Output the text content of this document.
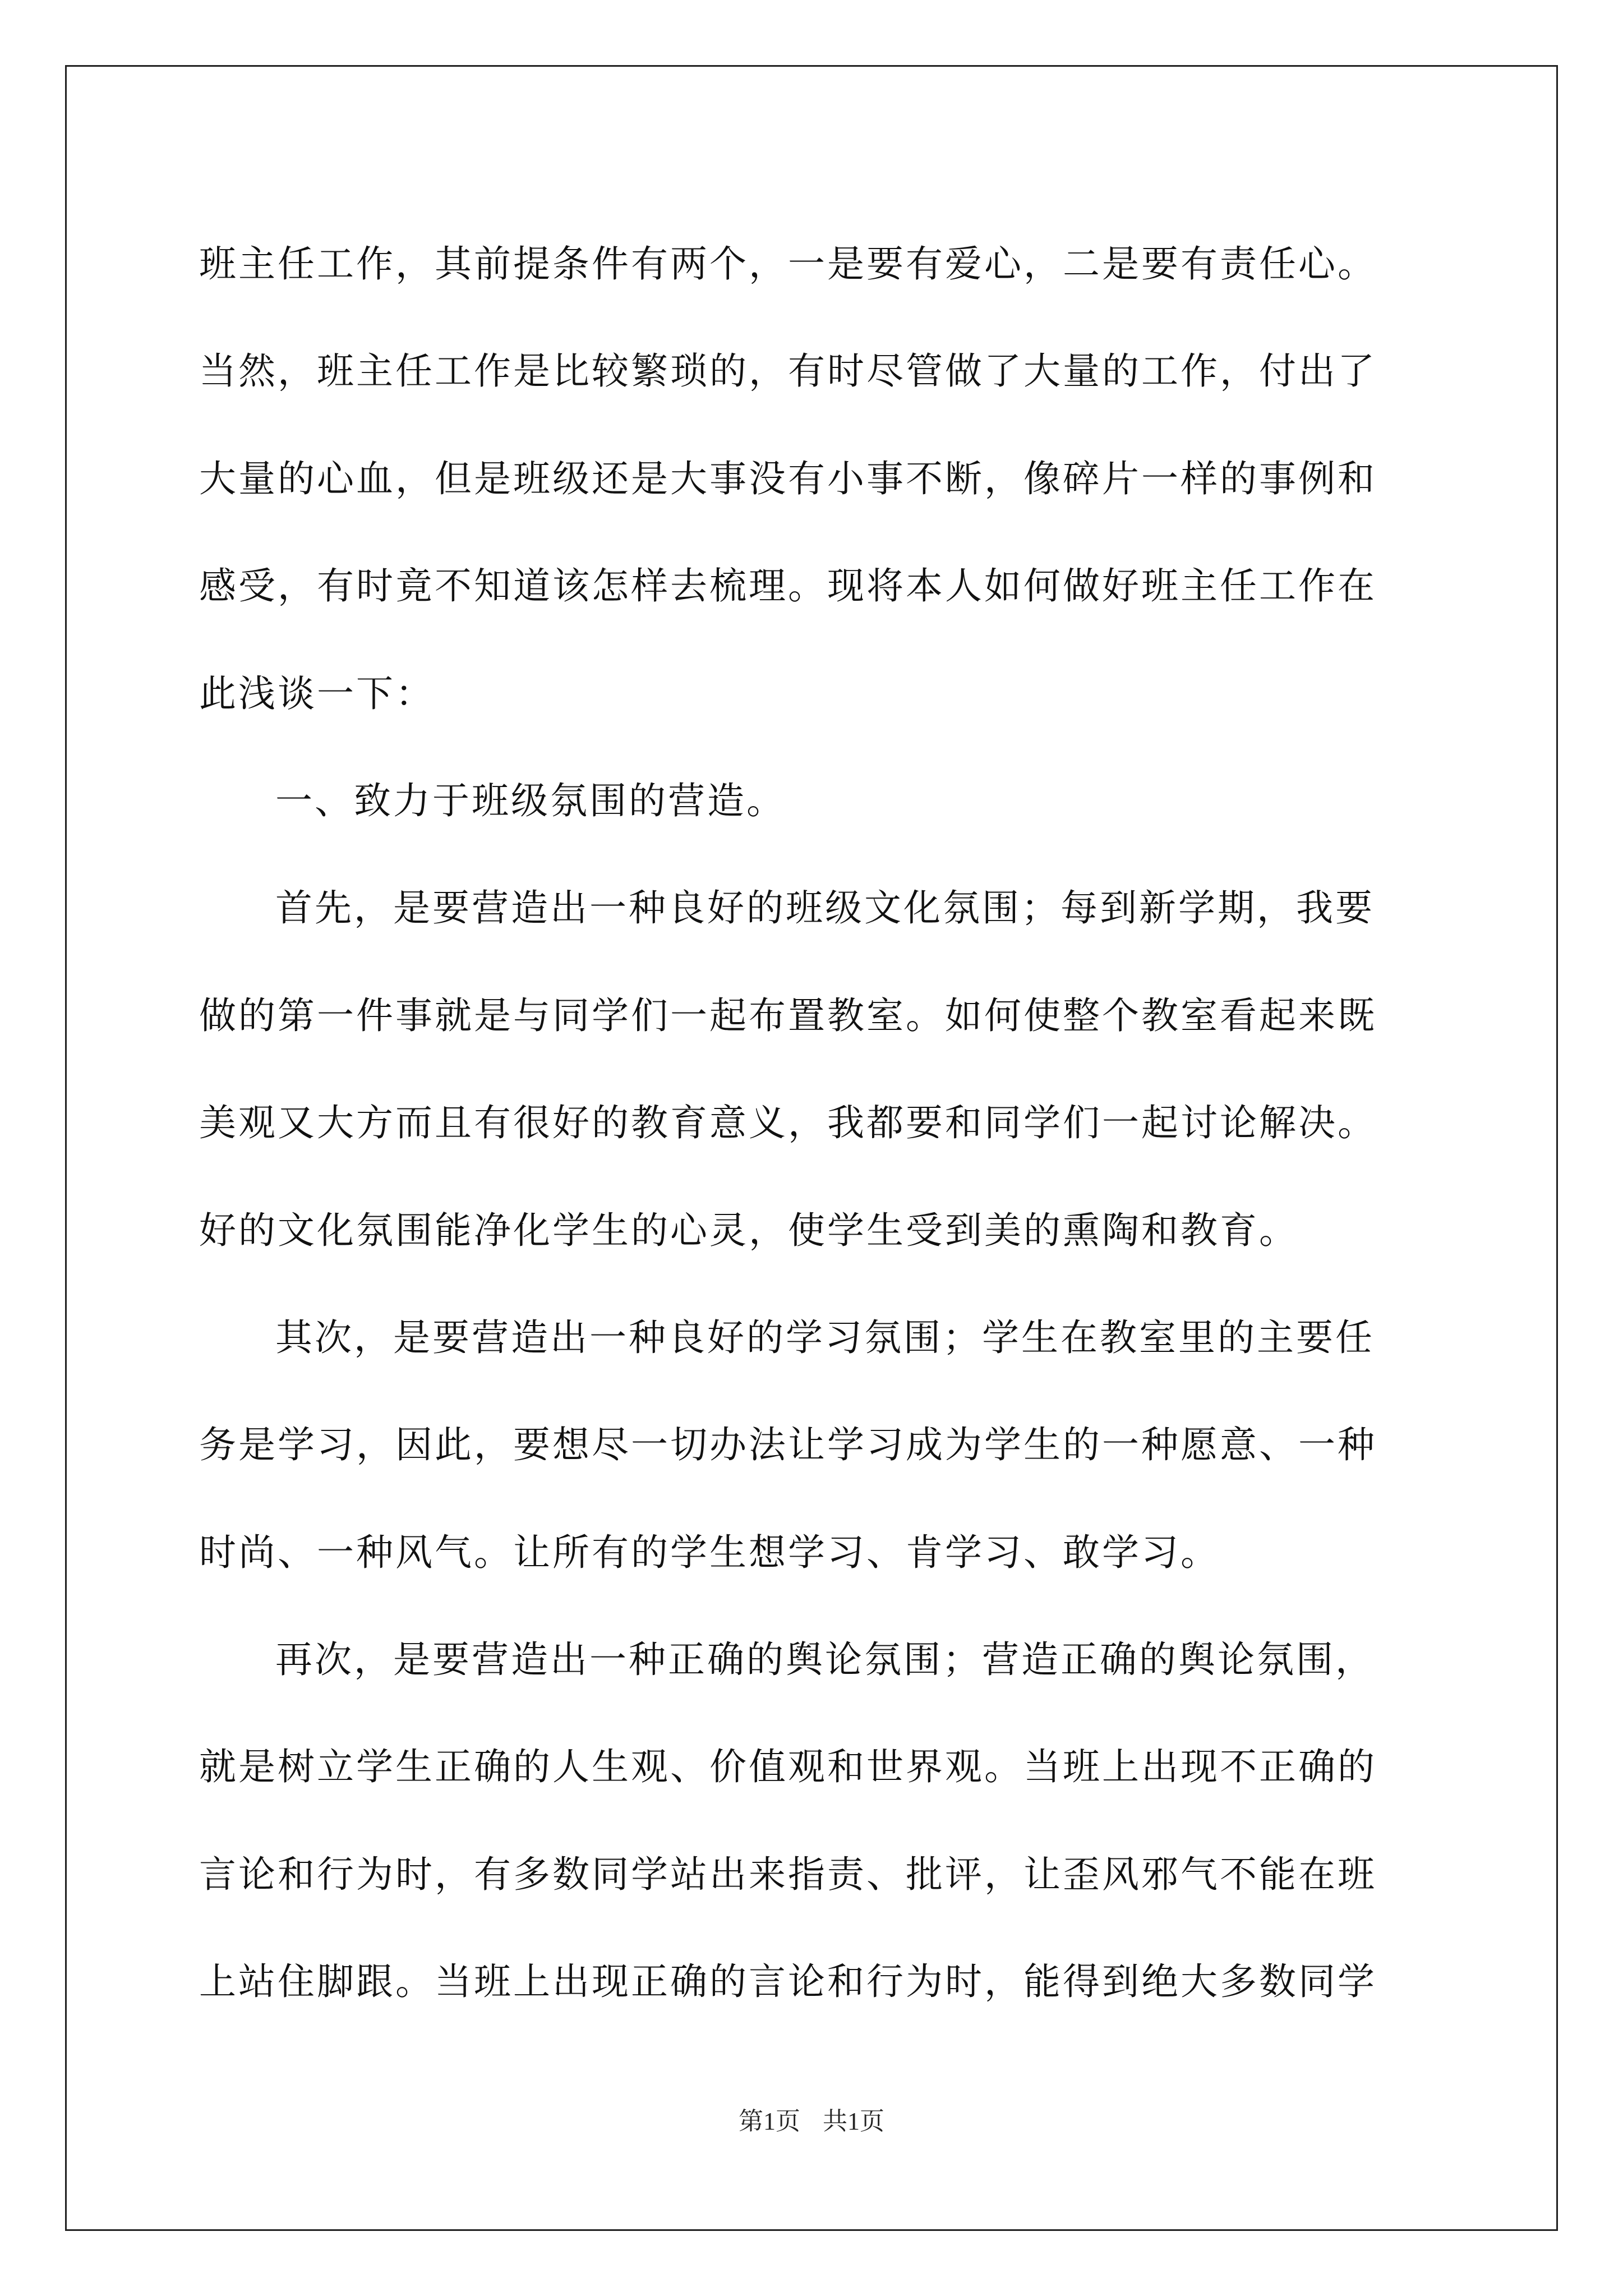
班主任工作，其前提条件有两个，一是要有爱心，二是要有责任心。
当然，班主任工作是比较繁琐的，有时尽管做了大量的工作，付出了
大量的心血，但是班级还是大事没有小事不断，像碎片一样的事例和
感受，有时竟不知道该怎样去梳理。现将本人如何做好班主任工作在
此浅谈一下：
一、致力于班级氛围的营造。
首先，是要营造出一种良好的班级文化氛围；每到新学期，我要
做的第一件事就是与同学们一起布置教室。如何使整个教室看起来既
美观又大方而且有很好的教育意义，我都要和同学们一起讨论解决。
好的文化氛围能净化学生的心灵，使学生受到美的熏陶和教育。
其次，是要营造出一种良好的学习氛围；学生在教室里的主要任
务是学习，因此，要想尽一切办法让学习成为学生的一种愿意、一种
时尚、一种风气。让所有的学生想学习、肯学习、敢学习。
再次，是要营造出一种正确的舆论氛围；营造正确的舆论氛围，
就是树立学生正确的人生观、价值观和世界观。当班上出现不正确的
言论和行为时，有多数同学站出来指责、批评，让歪风邪气不能在班
上站住脚跟。当班上出现正确的言论和行为时，能得到绝大多数同学
第1页 共1页
